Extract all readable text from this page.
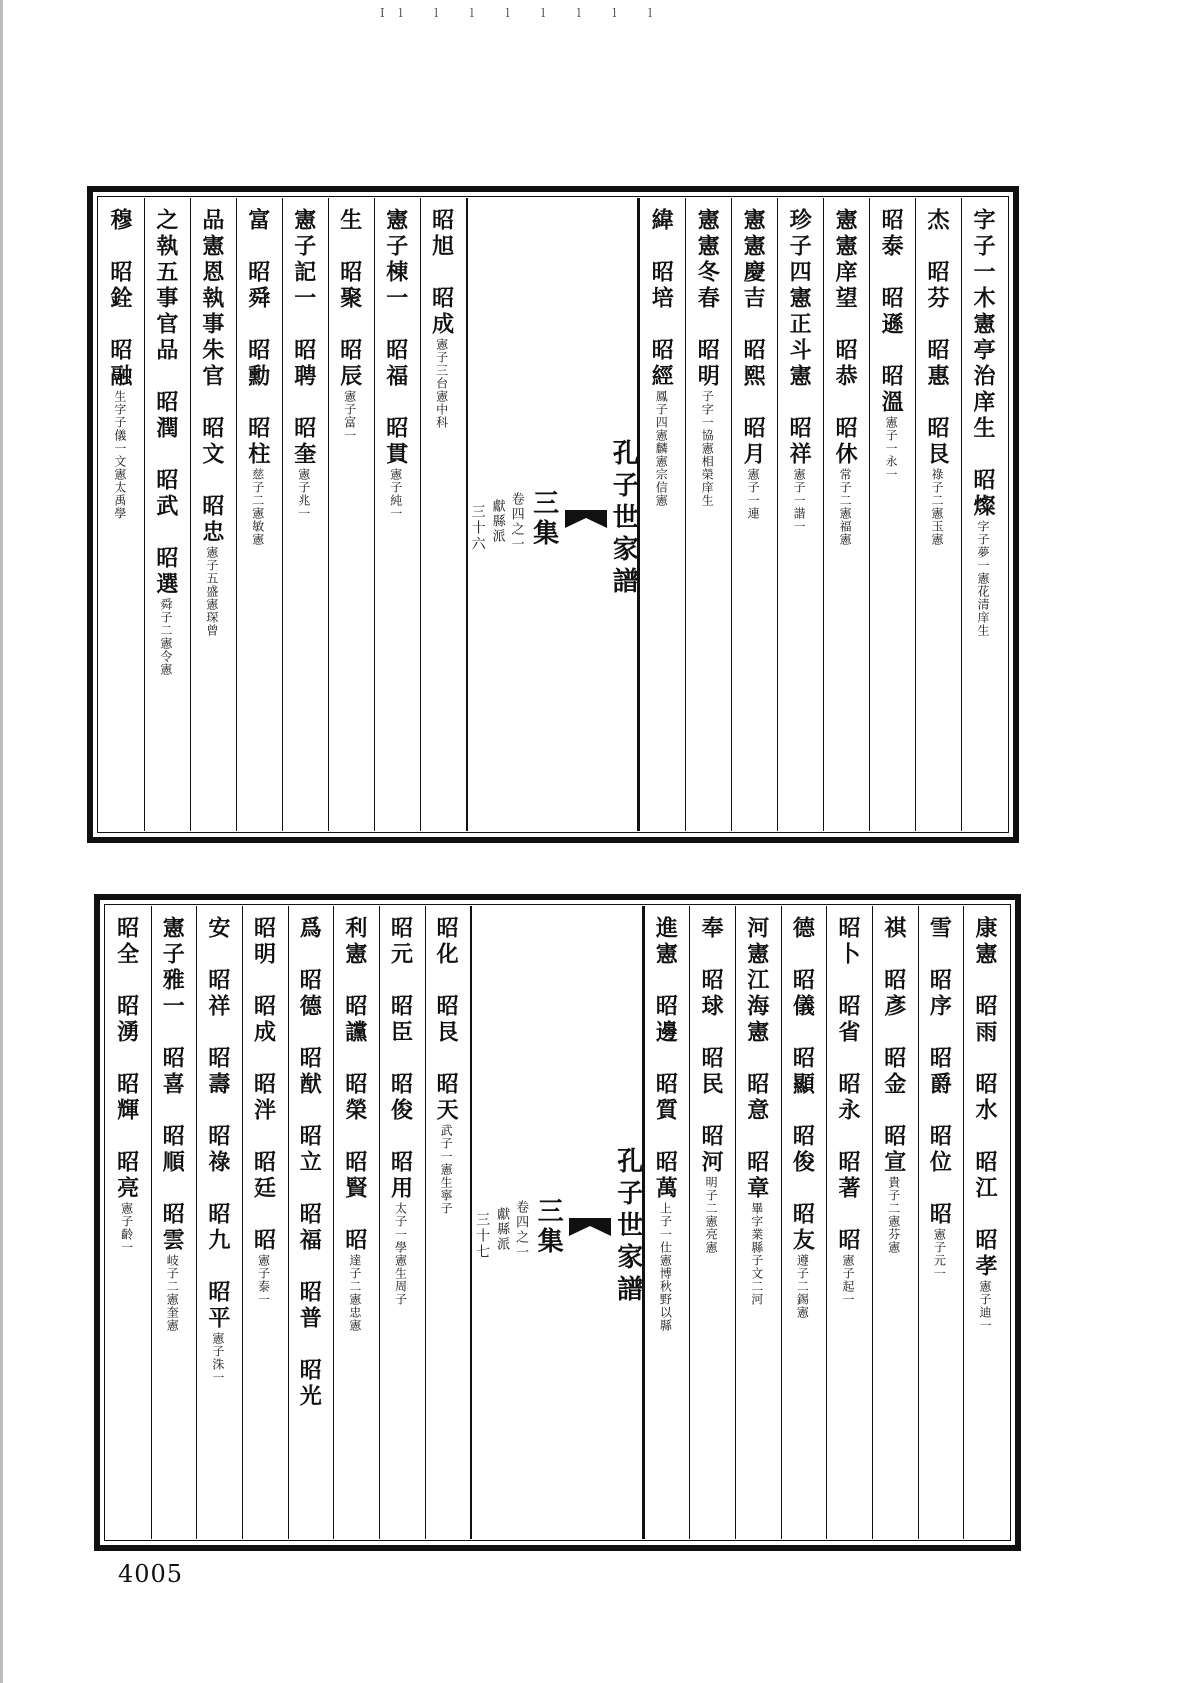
Il l l l l l l l
字子一木憲亭治庠生　昭燦字子夢一憲花清庠生
杰　昭芬　昭惠　昭艮祿子二憲玉憲
昭泰　昭遜　昭溫憲子一永一
憲憲庠望　昭恭　昭休常子二憲福憲
珍子四憲正斗憲　昭祥憲子一諧一
憲憲慶吉　昭熙　昭月憲子一連
憲憲冬春　昭明子字一協憲相榮庠生
緯　昭培　昭經鳳子四憲麟憲宗信憲
孔子世家譜
三集
卷四之一
獻縣派
三十六
昭旭　昭成憲子三台憲中科
憲子棟一　昭福　昭貫憲子純一
生　昭聚　昭辰憲子富一
憲子記一　昭聘　昭奎憲子兆一
富　昭舜　昭勳　昭柱慈子二憲敏憲
品憲恩執事朱官　昭文　昭忠憲子五盛憲琛曾
之執五事官品　昭潤　昭武　昭選舜子二憲令憲
穆　昭銓　昭融生字子儀一文憲太禹學
康憲　昭雨　昭水　昭江　昭孝憲子迪一
雪　昭序　昭爵　昭位　昭憲子元一
祺　昭彥　昭金　昭宣貴子二憲芬憲
昭卜　昭省　昭永　昭著　昭憲子起一
德　昭儀　昭顯　昭俊　昭友遵子二錫憲
河憲江海憲　昭意　昭章畢字業縣子文二河
奉　昭球　昭民　昭河明子二憲亮憲
進憲　昭邊　昭質　昭萬上子一仕憲博秋野以縣
孔子世家譜
三集
卷四之一
獻縣派
三十七
昭化　昭艮　昭天武子一憲生寧子
昭元　昭臣　昭俊　昭用太子一學憲生周子
利憲　昭讜　昭榮　昭賢　昭達子二憲忠憲
爲　昭德　昭猷　昭立　昭福　昭普　昭光
昭明　昭成　昭泮　昭廷　昭憲子泰一
安　昭祥　昭壽　昭祿　昭九　昭平憲子洙一
憲子雅一　昭喜　昭順　昭雲岐子二憲奎憲
昭全　昭湧　昭輝　昭亮憲子齡一
4005
